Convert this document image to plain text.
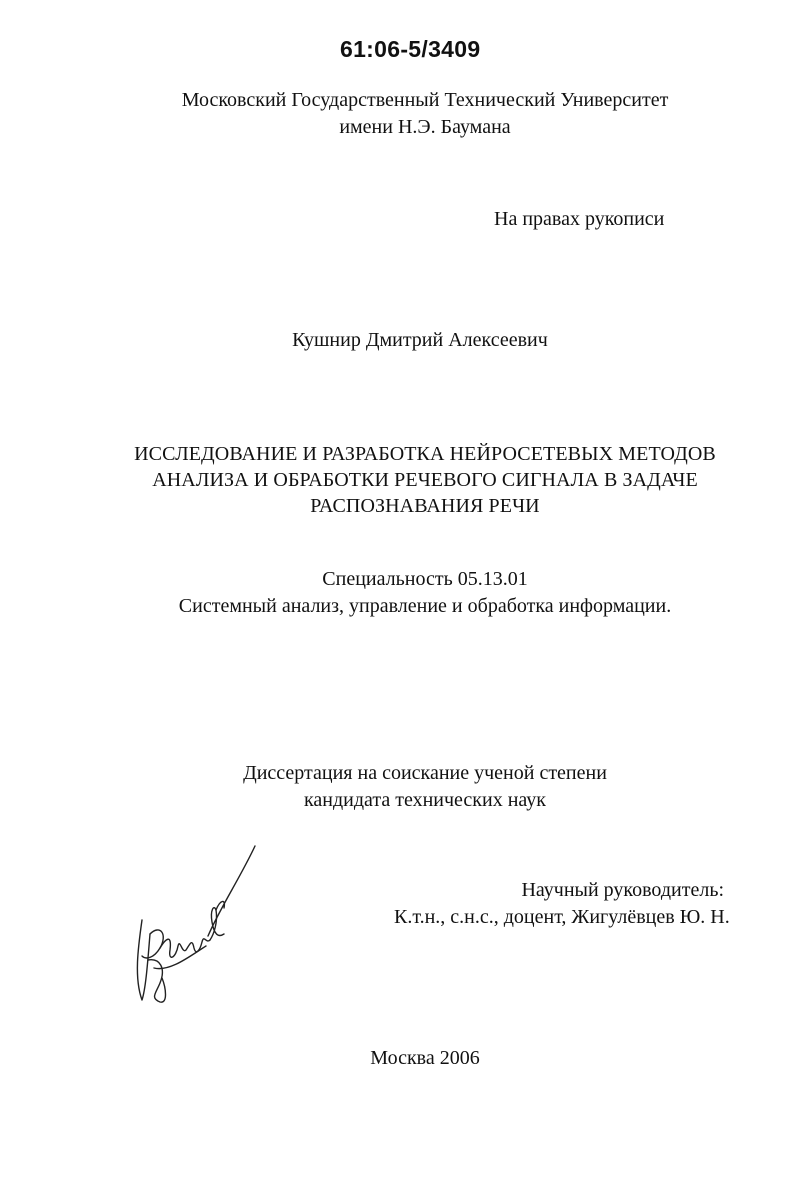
61:06-5/3409
Московский Государственный Технический Университет
имени Н.Э. Баумана
На правах рукописи
Кушнир Дмитрий Алексеевич
ИССЛЕДОВАНИЕ И РАЗРАБОТКА НЕЙРОСЕТЕВЫХ МЕТОДОВ
АНАЛИЗА И ОБРАБОТКИ РЕЧЕВОГО СИГНАЛА В ЗАДАЧЕ
РАСПОЗНАВАНИЯ РЕЧИ
Специальность 05.13.01
Системный анализ, управление и обработка информации.
Диссертация на соискание ученой степени
кандидата технических наук
Научный руководитель:
К.т.н., с.н.с., доцент, Жигулёвцев Ю. Н.
Москва 2006
